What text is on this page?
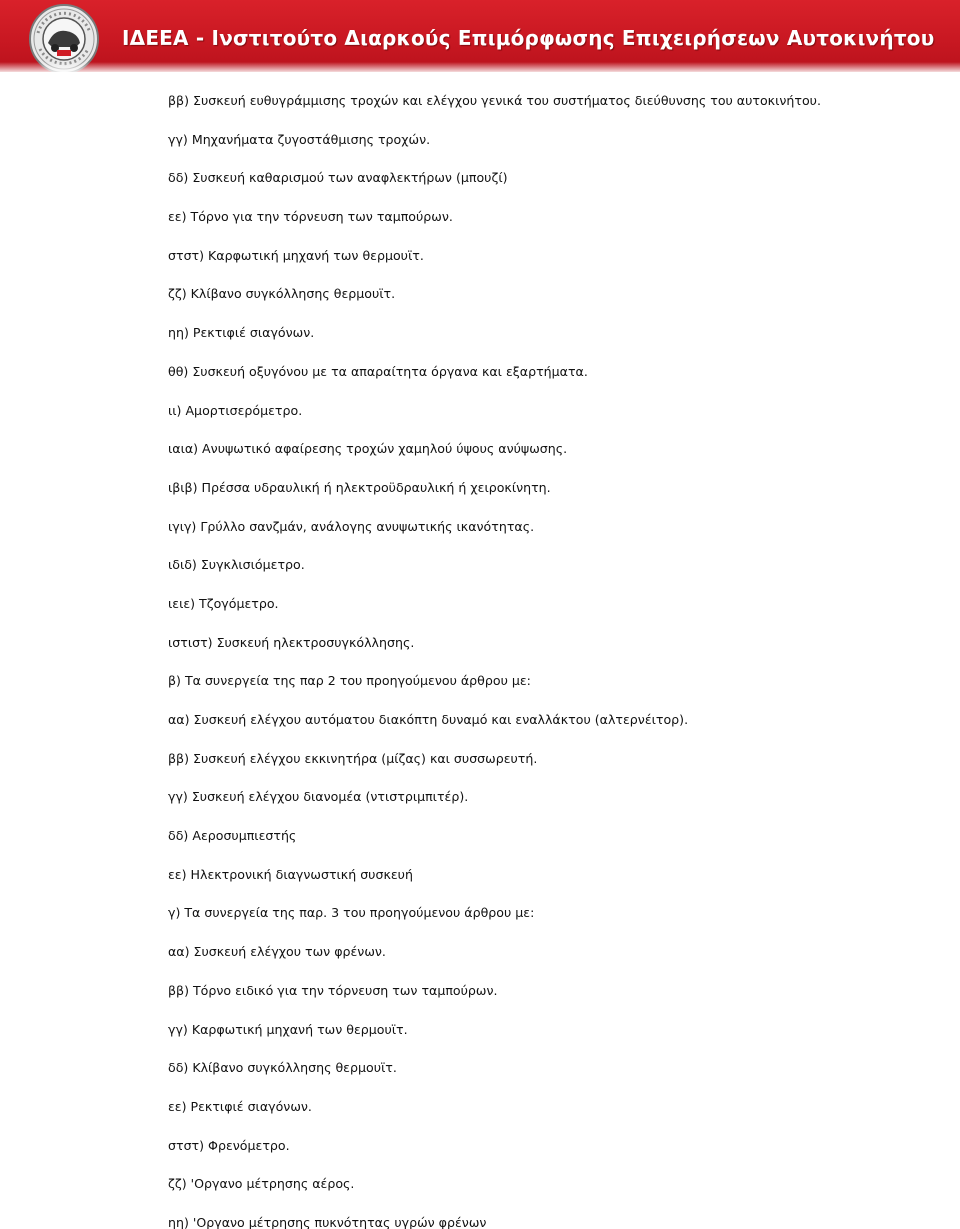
ΙΔΕΕΑ - Ινστιτούτο Διαρκούς Επιμόρφωσης Επιχειρήσεων Αυτοκινήτου
ββ) Συσκευή ευθυγράμμισης τροχών και ελέγχου γενικά του συστήματος διεύθυνσης του αυτοκινήτου.
γγ) Μηχανήματα ζυγοστάθμισης τροχών.
δδ) Συσκευή καθαρισμού των αναφλεκτήρων (μπουζί)
εε) Τόρνο για την τόρνευση των ταμπούρων.
στστ) Καρφωτική μηχανή των θερμουϊτ.
ζζ) Κλίβανο συγκόλλησης θερμουϊτ.
ηη) Ρεκτιφιέ σιαγόνων.
θθ) Συσκευή οξυγόνου με τα απαραίτητα όργανα και εξαρτήματα.
ιι) Αμορτισερόμετρο.
ιαια) Ανυψωτικό αφαίρεσης τροχών χαμηλού ύψους ανύψωσης.
ιβιβ) Πρέσσα υδραυλική ή ηλεκτροϋδραυλική ή χειροκίνητη.
ιγιγ) Γρύλλο σανζμάν, ανάλογης ανυψωτικής ικανότητας.
ιδιδ) Συγκλισιόμετρο.
ιειε) Τζογόμετρο.
ιστιστ) Συσκευή ηλεκτροσυγκόλλησης.
β) Τα συνεργεία της παρ 2 του προηγούμενου άρθρου με:
αα) Συσκευή ελέγχου αυτόματου διακόπτη δυναμό και εναλλάκτου (αλτερνέιτορ).
ββ) Συσκευή ελέγχου εκκινητήρα (μίζας) και συσσωρευτή.
γγ) Συσκευή ελέγχου διανομέα (ντιστριμπιτέρ).
δδ) Αεροσυμπιεστής
εε) Ηλεκτρονική διαγνωστική συσκευή
γ) Τα συνεργεία της παρ. 3 του προηγούμενου άρθρου με:
αα) Συσκευή ελέγχου των φρένων.
ββ) Τόρνο ειδικό για την τόρνευση των ταμπούρων.
γγ) Καρφωτική μηχανή των θερμουϊτ.
δδ) Κλίβανο συγκόλλησης θερμουϊτ.
εε) Ρεκτιφιέ σιαγόνων.
στστ) Φρενόμετρο.
ζζ) 'Οργανο μέτρησης αέρος.
ηη) 'Οργανο μέτρησης πυκνότητας υγρών φρένων
